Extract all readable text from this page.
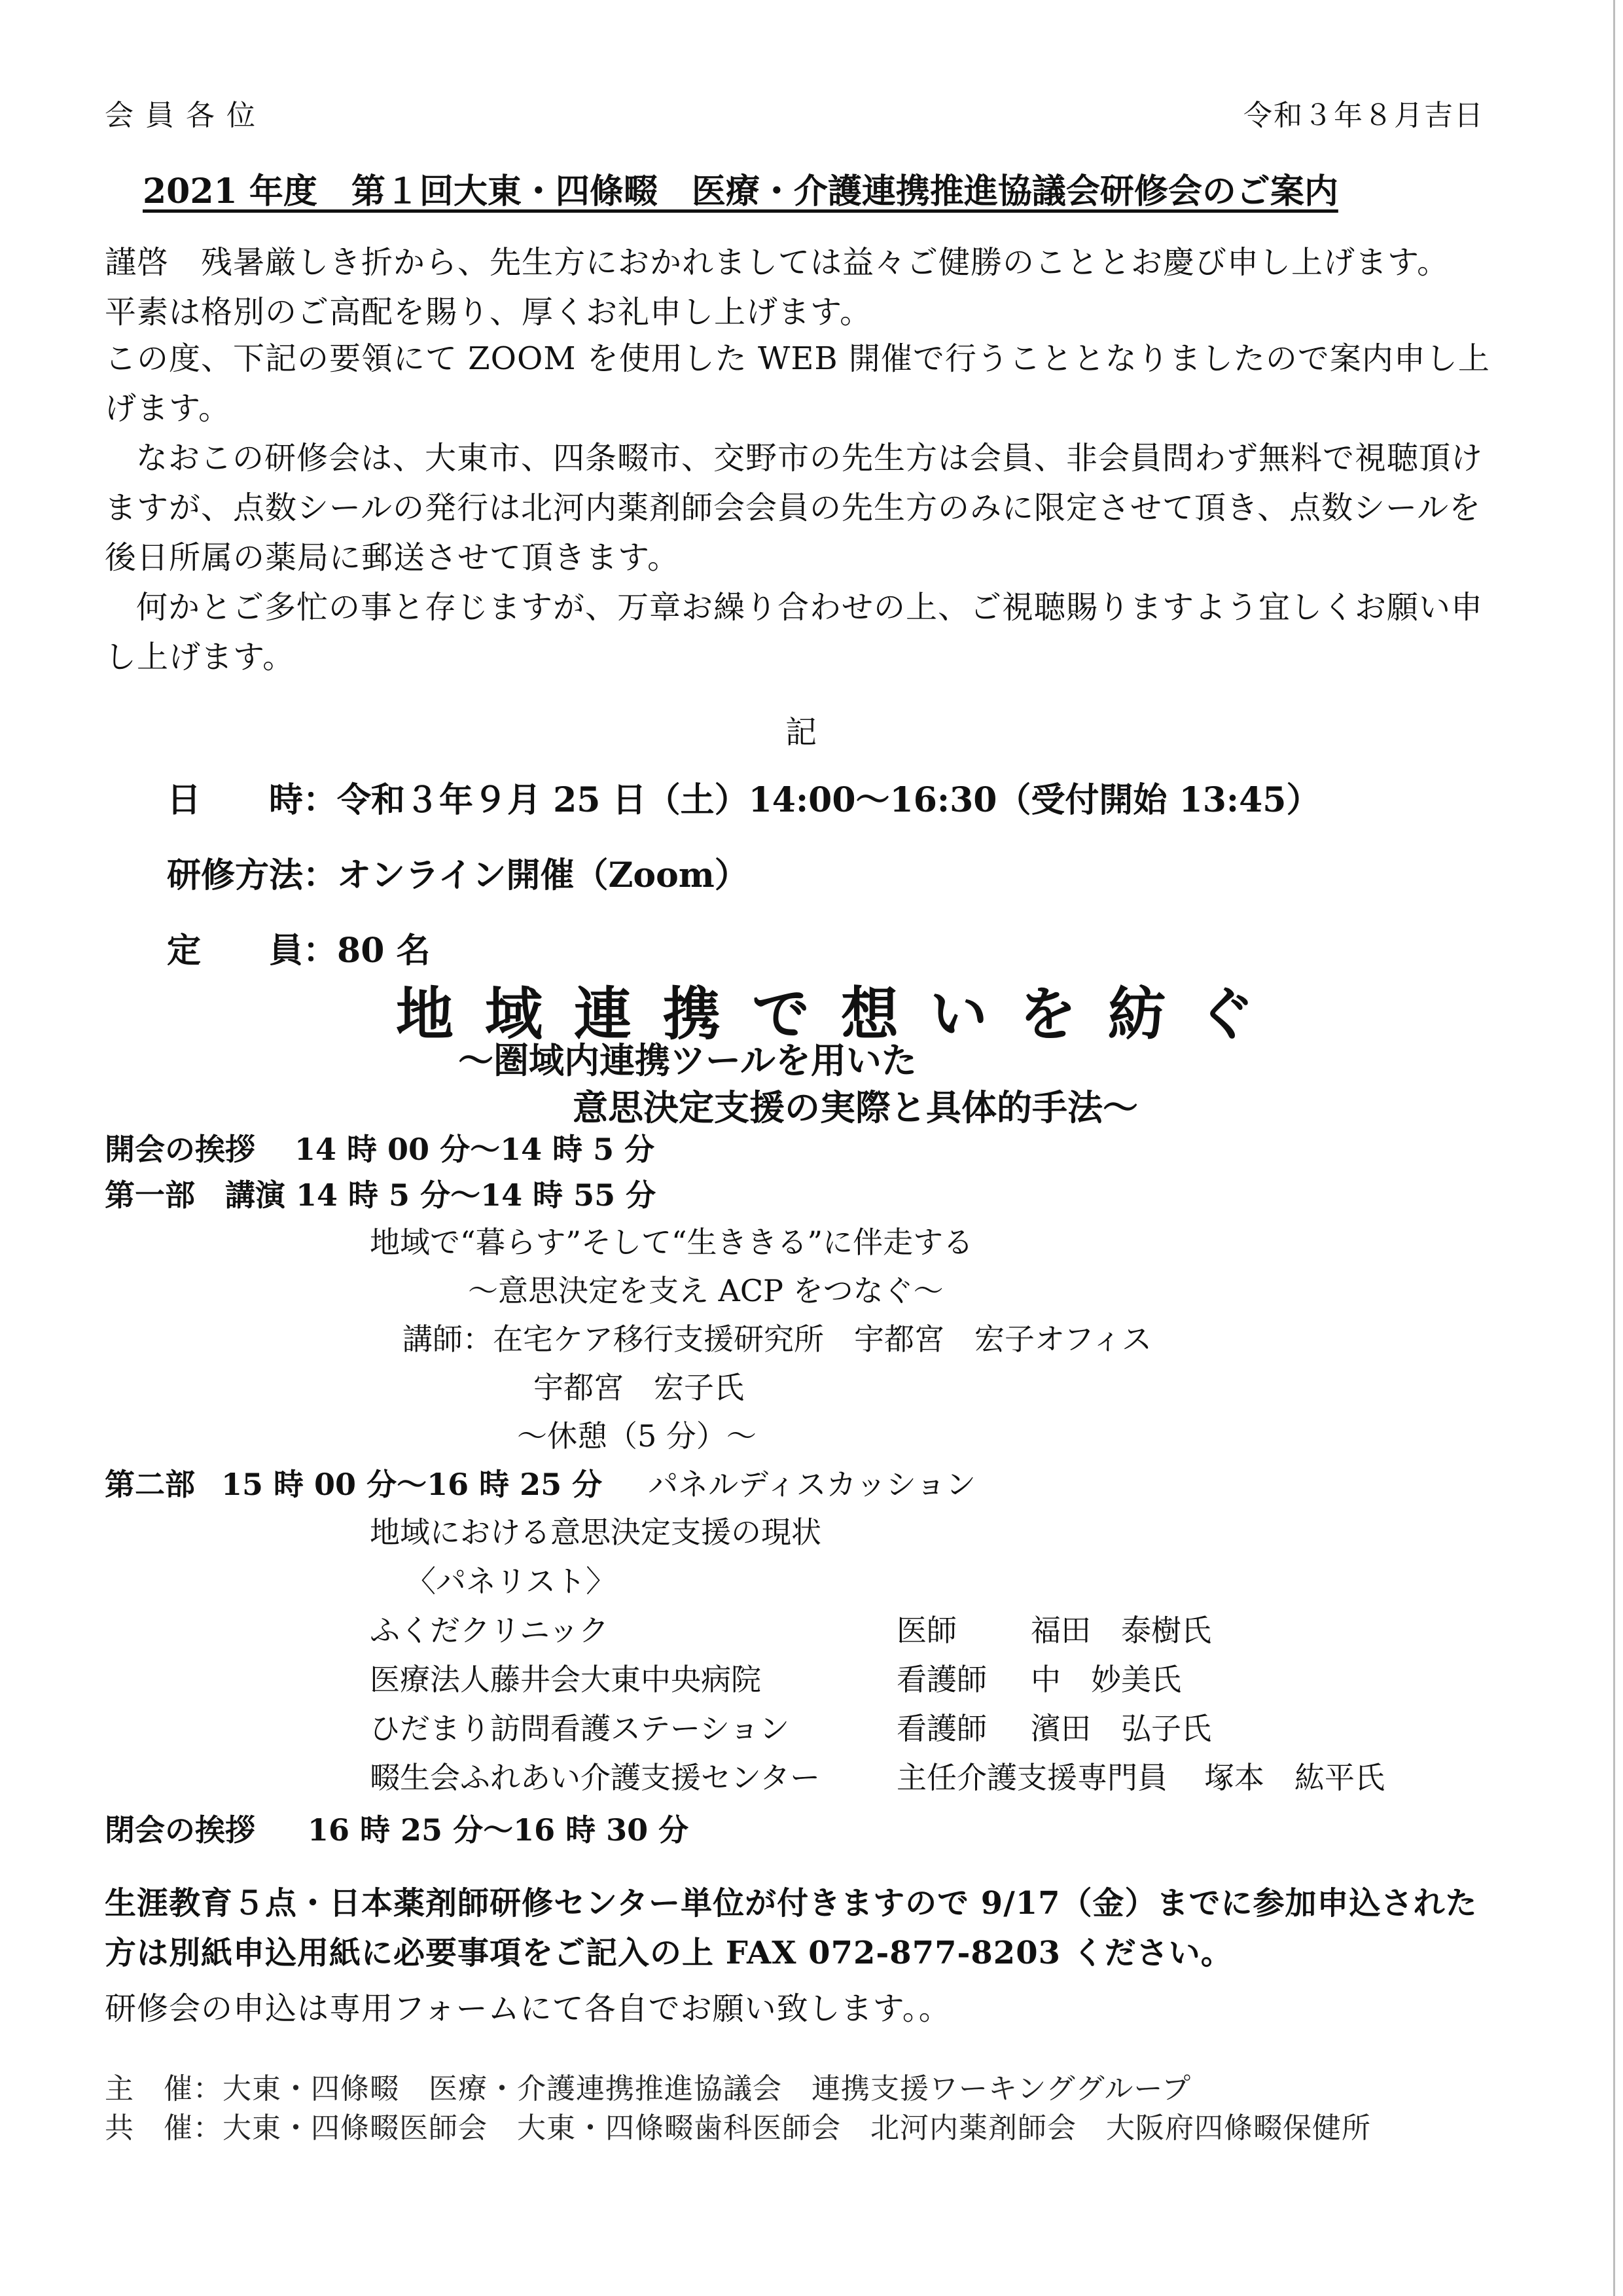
会 員 各 位	令和３年８月吉日
2021 年度　第１回大東・四條畷　医療・介護連携推進協議会研修会のご案内
謹啓　残暑厳しき折から、先生方におかれましては益々ご健勝のこととお慶び申し上げます。
平素は格別のご高配を賜り、厚くお礼申し上げます。
この度、下記の要領にて ZOOM を使用した WEB 開催で行うこととなりましたので案内申し上げます。
なおこの研修会は、大東市、四条畷市、交野市の先生方は会員、非会員問わず無料で視聴頂けますが、点数シールの発行は北河内薬剤師会会員の先生方のみに限定させて頂き、点数シールを後日所属の薬局に郵送させて頂きます。
何かとご多忙の事と存じますが、万章お繰り合わせの上、ご視聴賜りますよう宜しくお願い申し上げます。
記
日　　時：令和３年９月 25 日（土）14:00～16:30（受付開始 13:45）
研修方法：オンライン開催（Zoom）
定　　員：80 名
地域連携で想いを紡ぐ
～圏域内連携ツールを用いた
意思決定支援の実際と具体的手法～
開会の挨拶 14 時 00 分～14 時 5 分
第一部　講演 14 時 5 分～14 時 55 分
地域で“暮らす”そして“生ききる”に伴走する
～意思決定を支え ACP をつなぐ～
講師：在宅ケア移行支援研究所　宇都宮　宏子オフィス
宇都宮　宏子氏
～休憩（5 分）～
第二部 15 時 00 分～16 時 25 分 パネルディスカッション
地域における意思決定支援の現状
〈パネリスト〉
ふくだクリニック	医師 福田　泰樹氏
医療法人藤井会大東中央病院	看護師 中　妙美氏
ひだまり訪問看護ステーション	看護師 濱田　弘子氏
畷生会ふれあい介護支援センター	主任介護支援専門員 塚本　紘平氏
閉会の挨拶 16 時 25 分～16 時 30 分
生涯教育５点・日本薬剤師研修センター単位が付きますので 9/17（金）までに参加申込された方は別紙申込用紙に必要事項をご記入の上 FAX 072-877-8203 ください。
研修会の申込は専用フォームにて各自でお願い致します。。
主　催：大東・四條畷　医療・介護連携推進協議会　連携支援ワーキンググループ
共　催：大東・四條畷医師会　大東・四條畷歯科医師会　北河内薬剤師会　大阪府四條畷保健所
